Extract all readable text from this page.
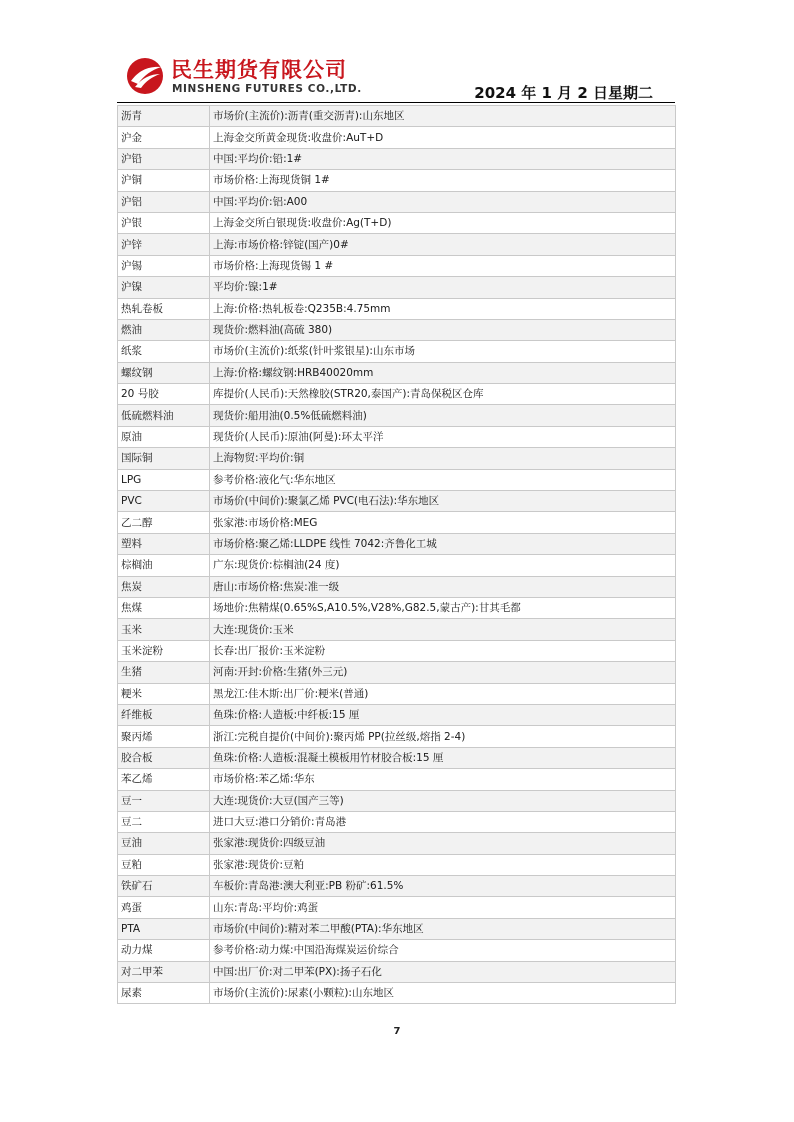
民生期货有限公司
MINSHENG FUTURES CO.,LTD.	2024 年 1 月 2 日星期二
沥青	市场价(主流价):沥青(重交沥青):山东地区
沪金	上海金交所黄金现货:收盘价:AuT+D
沪铅	中国:平均价:铅:1#
沪铜	市场价格:上海现货铜 1#
沪铝	中国:平均价:铝:A00
沪银	上海金交所白银现货:收盘价:Ag(T+D)
沪锌	上海:市场价格:锌锭(国产)0#
沪锡	市场价格:上海现货锡 1 #
沪镍	平均价:镍:1#
热轧卷板	上海:价格:热轧板卷:Q235B:4.75mm
燃油	现货价:燃料油(高硫 380)
纸浆	市场价(主流价):纸浆(针叶浆银星):山东市场
螺纹钢	上海:价格:螺纹钢:HRB40020mm
20 号胶	库提价(人民币):天然橡胶(STR20,泰国产):青岛保税区仓库
低硫燃料油	现货价:船用油(0.5%低硫燃料油)
原油	现货价(人民币):原油(阿曼):环太平洋
国际铜	上海物贸:平均价:铜
LPG	参考价格:液化气:华东地区
PVC	市场价(中间价):聚氯乙烯 PVC(电石法):华东地区
乙二醇	张家港:市场价格:MEG
塑料	市场价格:聚乙烯:LLDPE 线性 7042:齐鲁化工城
棕榈油	广东:现货价:棕榈油(24 度)
焦炭	唐山:市场价格:焦炭:准一级
焦煤	场地价:焦精煤(0.65%S,A10.5%,V28%,G82.5,蒙古产):甘其毛都
玉米	大连:现货价:玉米
玉米淀粉	长春:出厂报价:玉米淀粉
生猪	河南:开封:价格:生猪(外三元)
粳米	黑龙江:佳木斯:出厂价:粳米(普通)
纤维板	鱼珠:价格:人造板:中纤板:15 厘
聚丙烯	浙江:完税自提价(中间价):聚丙烯 PP(拉丝级,熔指 2-4)
胶合板	鱼珠:价格:人造板:混凝土模板用竹材胶合板:15 厘
苯乙烯	市场价格:苯乙烯:华东
豆一	大连:现货价:大豆(国产三等)
豆二	进口大豆:港口分销价:青岛港
豆油	张家港:现货价:四级豆油
豆粕	张家港:现货价:豆粕
铁矿石	车板价:青岛港:澳大利亚:PB 粉矿:61.5%
鸡蛋	山东:青岛:平均价:鸡蛋
PTA	市场价(中间价):精对苯二甲酸(PTA):华东地区
动力煤	参考价格:动力煤:中国沿海煤炭运价综合
对二甲苯	中国:出厂价:对二甲苯(PX):扬子石化
尿素	市场价(主流价):尿素(小颗粒):山东地区
7
